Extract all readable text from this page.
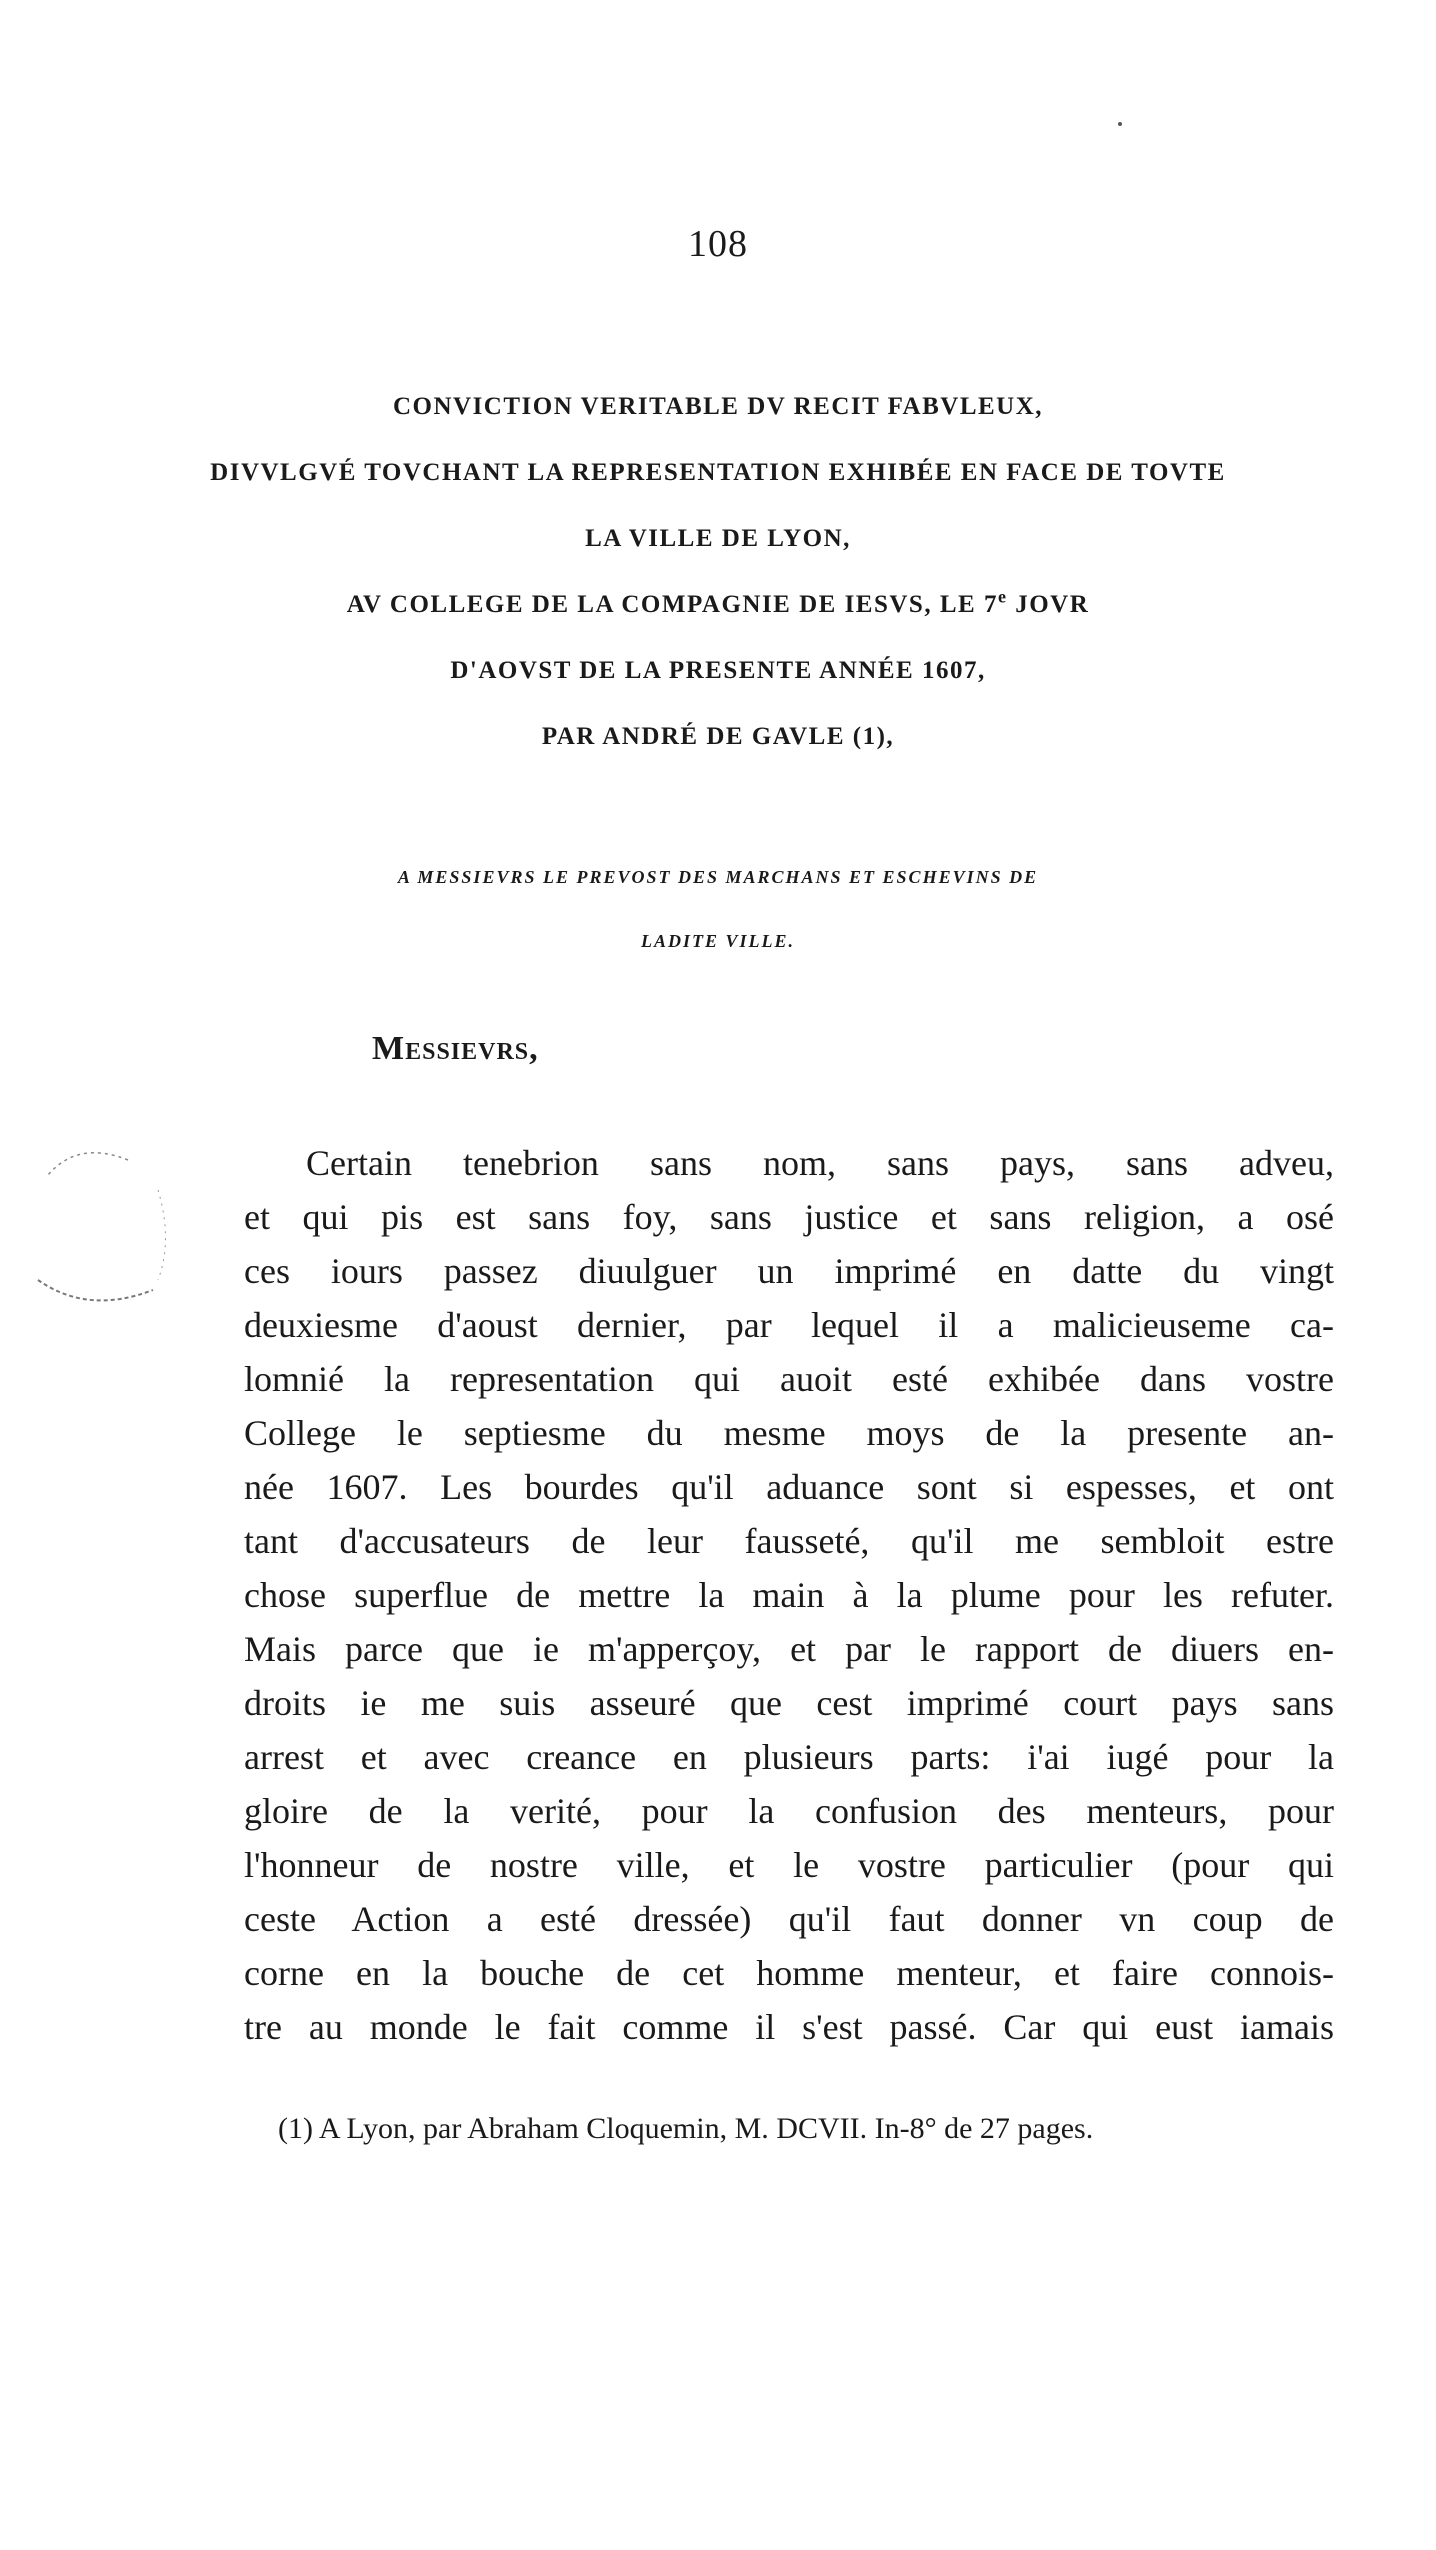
108
CONVICTION VERITABLE DV RECIT FABVLEUX,
DIVVLGVÉ TOVCHANT LA REPRESENTATION EXHIBÉE EN FACE DE TOVTE
LA VILLE DE LYON,
AV COLLEGE DE LA COMPAGNIE DE IESVS, LE 7e JOVR
D'AOVST DE LA PRESENTE ANNÉE 1607,
PAR ANDRÉ DE GAVLE (1),
A MESSIEVRS LE PREVOST DES MARCHANS ET ESCHEVINS DE
LADITE VILLE.
Messievrs,
Certain tenebrion sans nom, sans pays, sans adveu,
et qui pis est sans foy, sans justice et sans religion, a osé
ces iours passez diuulguer un imprimé en datte du vingt
deuxiesme d'aoust dernier, par lequel il a malicieuseme ca-
lomnié la representation qui auoit esté exhibée dans vostre
College le septiesme du mesme moys de la presente an-
née 1607. Les bourdes qu'il aduance sont si espesses, et ont
tant d'accusateurs de leur fausseté, qu'il me sembloit estre
chose superflue de mettre la main à la plume pour les refuter.
Mais parce que ie m'apperçoy, et par le rapport de diuers en-
droits ie me suis asseuré que cest imprimé court pays sans
arrest et avec creance en plusieurs parts: i'ai iugé pour la
gloire de la verité, pour la confusion des menteurs, pour
l'honneur de nostre ville, et le vostre particulier (pour qui
ceste Action a esté dressée) qu'il faut donner vn coup de
corne en la bouche de cet homme menteur, et faire connois-
tre au monde le fait comme il s'est passé. Car qui eust iamais
(1) A Lyon, par Abraham Cloquemin, M. DCVII. In-8° de 27 pages.
